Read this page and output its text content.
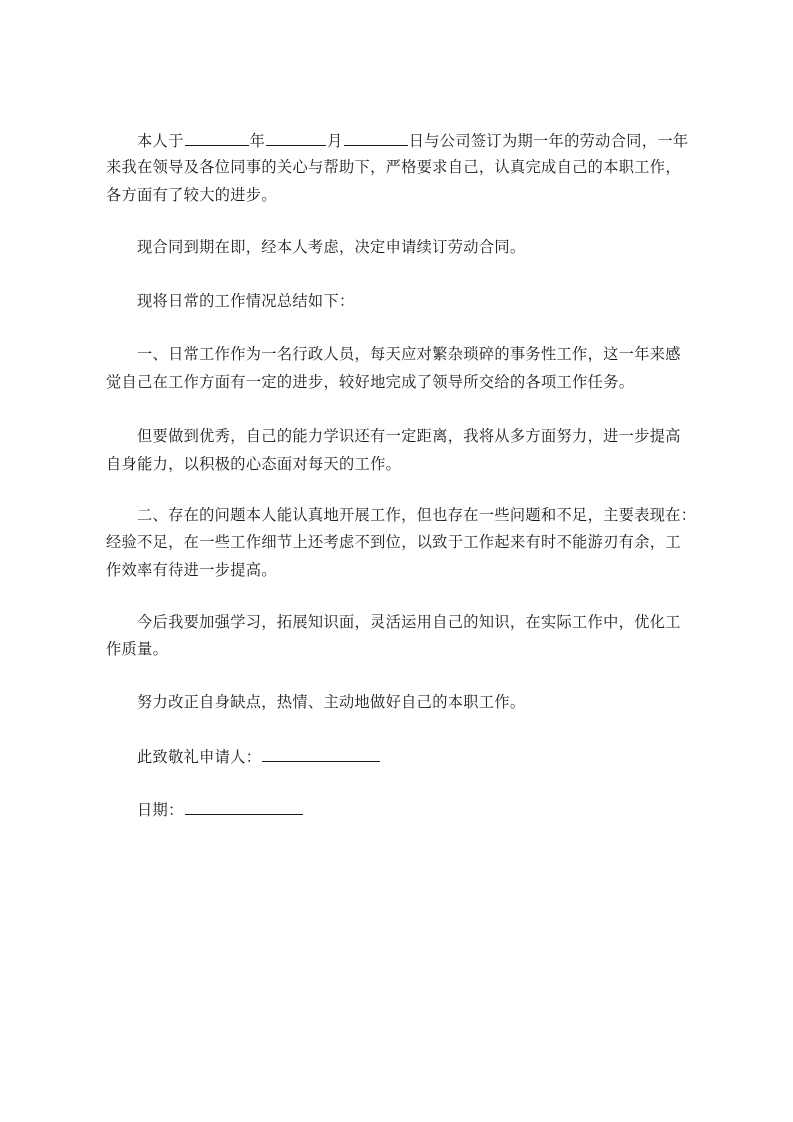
本人于	年	月	日与公司签订为期一年的劳动合同，一年
来我在领导及各位同事的关心与帮助下，严格要求自己，认真完成自己的本职工作，
各方面有了较大的进步。
现合同到期在即，经本人考虑，决定申请续订劳动合同。
现将日常的工作情况总结如下：
一、日常工作作为一名行政人员，每天应对繁杂琐碎的事务性工作，这一年来感
觉自己在工作方面有一定的进步，较好地完成了领导所交给的各项工作任务。
但要做到优秀，自己的能力学识还有一定距离，我将从多方面努力，进一步提高
自身能力，以积极的心态面对每天的工作。
二、存在的问题本人能认真地开展工作，但也存在一些问题和不足，主要表现在：
经验不足，在一些工作细节上还考虑不到位，以致于工作起来有时不能游刃有余，工
作效率有待进一步提高。
今后我要加强学习，拓展知识面，灵活运用自己的知识，在实际工作中，优化工
作质量。
努力改正自身缺点，热情、主动地做好自己的本职工作。
此致敬礼申请人：
日期：
